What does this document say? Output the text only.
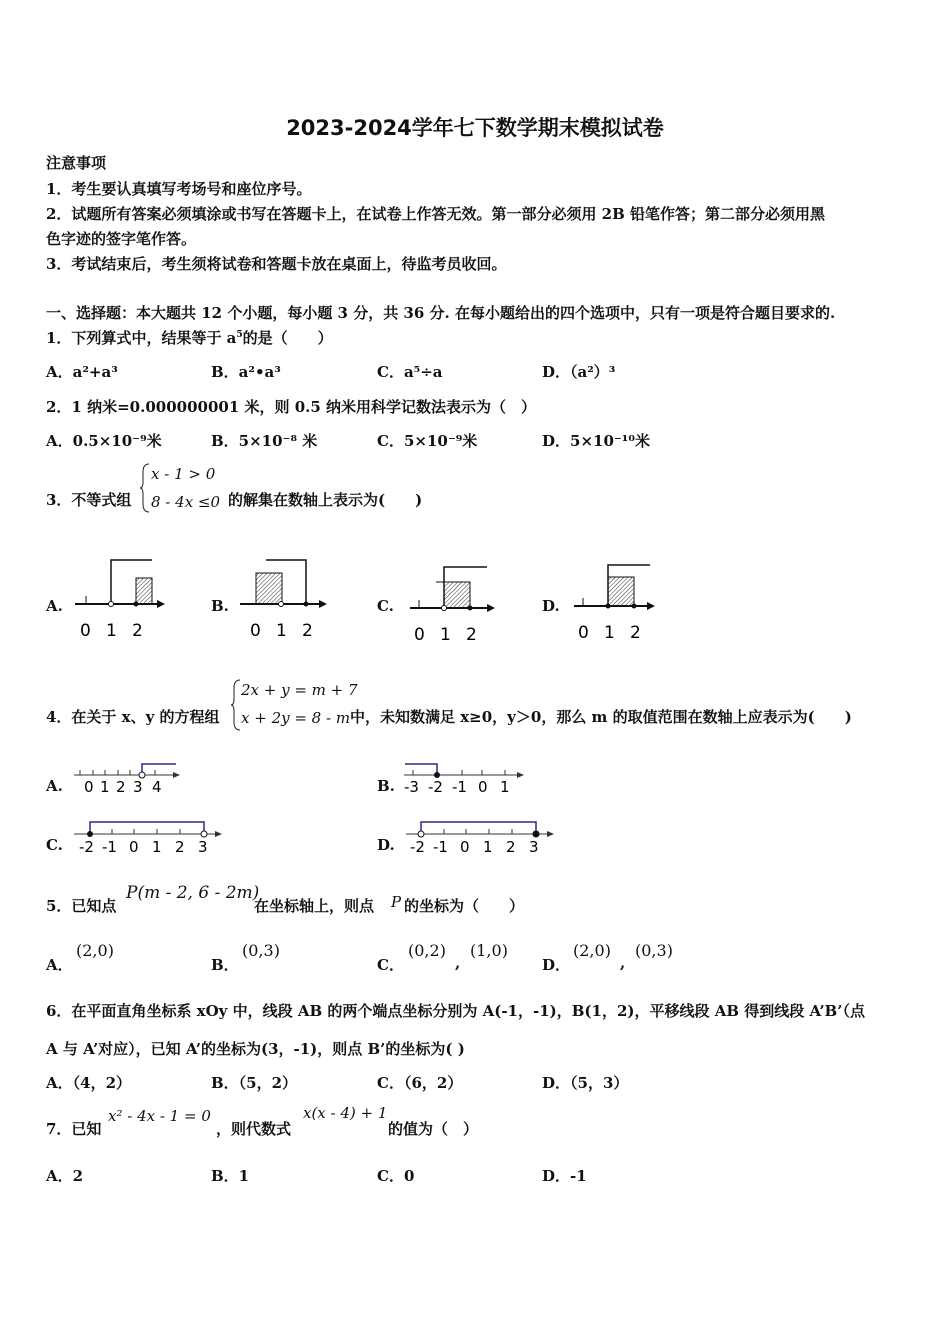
2023-2024学年七下数学期末模拟试卷
注意事项
1．考生要认真填写考场号和座位序号。
2．试题所有答案必须填涂或书写在答题卡上，在试卷上作答无效。第一部分必须用 2B 铅笔作答；第二部分必须用黑
色字迹的签字笔作答。
3．考试结束后，考生须将试卷和答题卡放在桌面上，待监考员收回。
一、选择题：本大题共 12 个小题，每小题 3 分，共 36 分. 在每小题给出的四个选项中，只有一项是符合题目要求的.
1．下列算式中，结果等于 $a^5$的是（　　）
A．a²+a³	B．a²•a³	C．a⁵÷a	D．（a²）³
2．1 纳米=0.000000001 米，则 0.5 纳米用科学记数法表示为（　）
A．0.5×10⁻⁹米	B．5×10⁻⁸ 米	C．5×10⁻⁹米	D．5×10⁻¹⁰米
3．不等式组
x - 1 > 0
8 - 4x ≤0 的解集在数轴上表示为(　　)
A.	B.	C.	D.
0 1 2	0 1 2	0 1 2	0 1 2
4．在关于 x、y 的方程组
2x + y = m + 7
x + 2y = 8 - m 中，未知数满足 x≥0，y＞0，那么 m 的取值范围在数轴上应表示为(　　)
A.	B.
C.	D.
0 1 2 3 4	-3 -2 -1 0 1
-2 -1 0 1 2 3	-2 -1 0 1 2 3
5．已知点
P(m - 2, 6 - 2m)
在坐标轴上，则点 P 的坐标为（　　）
A．
(2,0)
B．
(0,3)
C．
(0,2)
,
(1,0)
D．
(2,0)
,
(0,3)
6．在平面直角坐标系 xOy 中，线段 AB 的两个端点坐标分别为 A(-1，-1)，B(1，2)，平移线段 AB 得到线段 A’B’（点
A 与 A’对应），已知 A’的坐标为(3，-1)，则点 B’的坐标为( )
A．（4，2）	B．（5，2）	C．（6，2）	D．（5，3）
7．已知
x² - 4x - 1 = 0
，则代数式
x(x - 4) + 1
的值为（　）
A．2	B．1	C．0	D．-1
